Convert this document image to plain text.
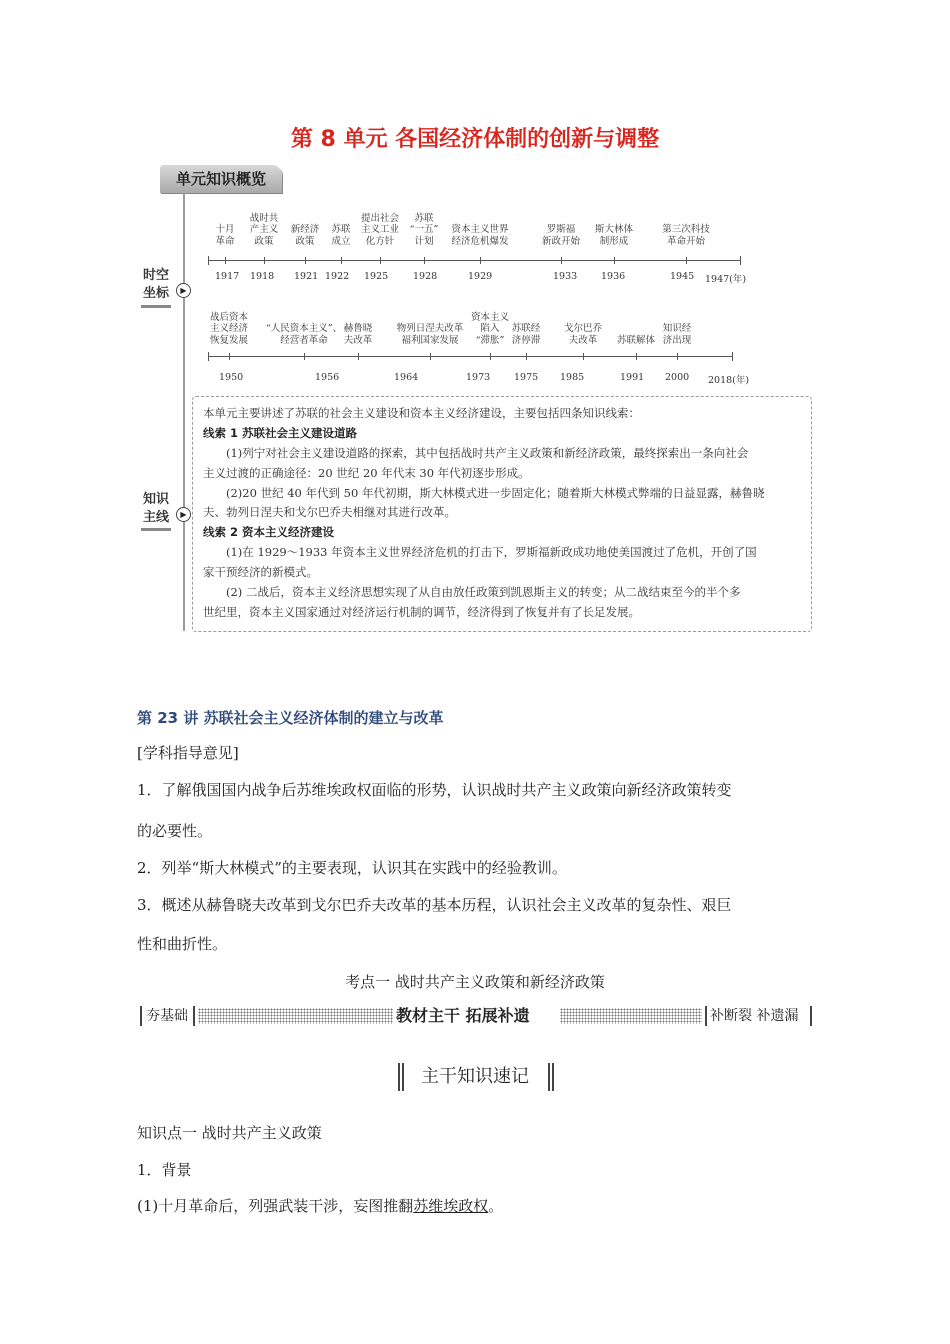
第 8 单元 各国经济体制的创新与调整
单元知识概览
时空
坐标	▶
知识
主线	▶
本单元主要讲述了苏联的社会主义建设和资本主义经济建设，主要包括四条知识线索：
线索 1 苏联社会主义建设道路
(1)列宁对社会主义建设道路的探索，其中包括战时共产主义政策和新经济政策，最终探索出一条向社会
主义过渡的正确途径：20 世纪 20 年代末 30 年代初逐步形成。
(2)20 世纪 40 年代到 50 年代初期，斯大林模式进一步固定化；随着斯大林模式弊端的日益显露，赫鲁晓
夫、勃列日涅夫和戈尔巴乔夫相继对其进行改革。
线索 2 资本主义经济建设
(1)在 1929～1933 年资本主义世界经济危机的打击下，罗斯福新政成功地使美国渡过了危机，开创了国
家干预经济的新模式。
(2) 二战后，资本主义经济思想实现了从自由放任政策到凯恩斯主义的转变；从二战结束至今的半个多
世纪里，资本主义国家通过对经济运行机制的调节，经济得到了恢复并有了长足发展。
第 23 讲 苏联社会主义经济体制的建立与改革
[学科指导意见]
1．了解俄国国内战争后苏维埃政权面临的形势，认识战时共产主义政策向新经济政策转变
的必要性。
2．列举“斯大林模式”的主要表现，认识其在实践中的经验教训。
3．概述从赫鲁晓夫改革到戈尔巴乔夫改革的基本历程，认识社会主义改革的复杂性、艰巨
性和曲折性。
考点一 战时共产主义政策和新经济政策
夯基础	教材主干 拓展补遗	补断裂 补遗漏
主干知识速记
知识点一 战时共产主义政策
1．背景
(1)十月革命后，列强武装干涉，妄图推翻苏维埃政权。
十月
革命
战时共
产主义
政策
新经济
政策
苏联
成立
提出社会
主义工业
化方针
苏联
“一五”
计划
资本主义世界
经济危机爆发
罗斯福
新政开始
斯大林体
制形成
第三次科技
革命开始
1917 1918 1921 1922 1925	1928	1929	1933	1936	1945 1947(年)
战后资本
主义经济
恢复发展
“人民资本主义”、
经营者革命
赫鲁晓
夫改革
物列日涅夫改革
福利国家发展
资本主义
陷入
“滞胀”
苏联经
济停滞
戈尔巴乔
夫改革	苏联解体
知识经
济出现
1950	1956	1964	1973	1975 1985	1991 2000 2018(年)
